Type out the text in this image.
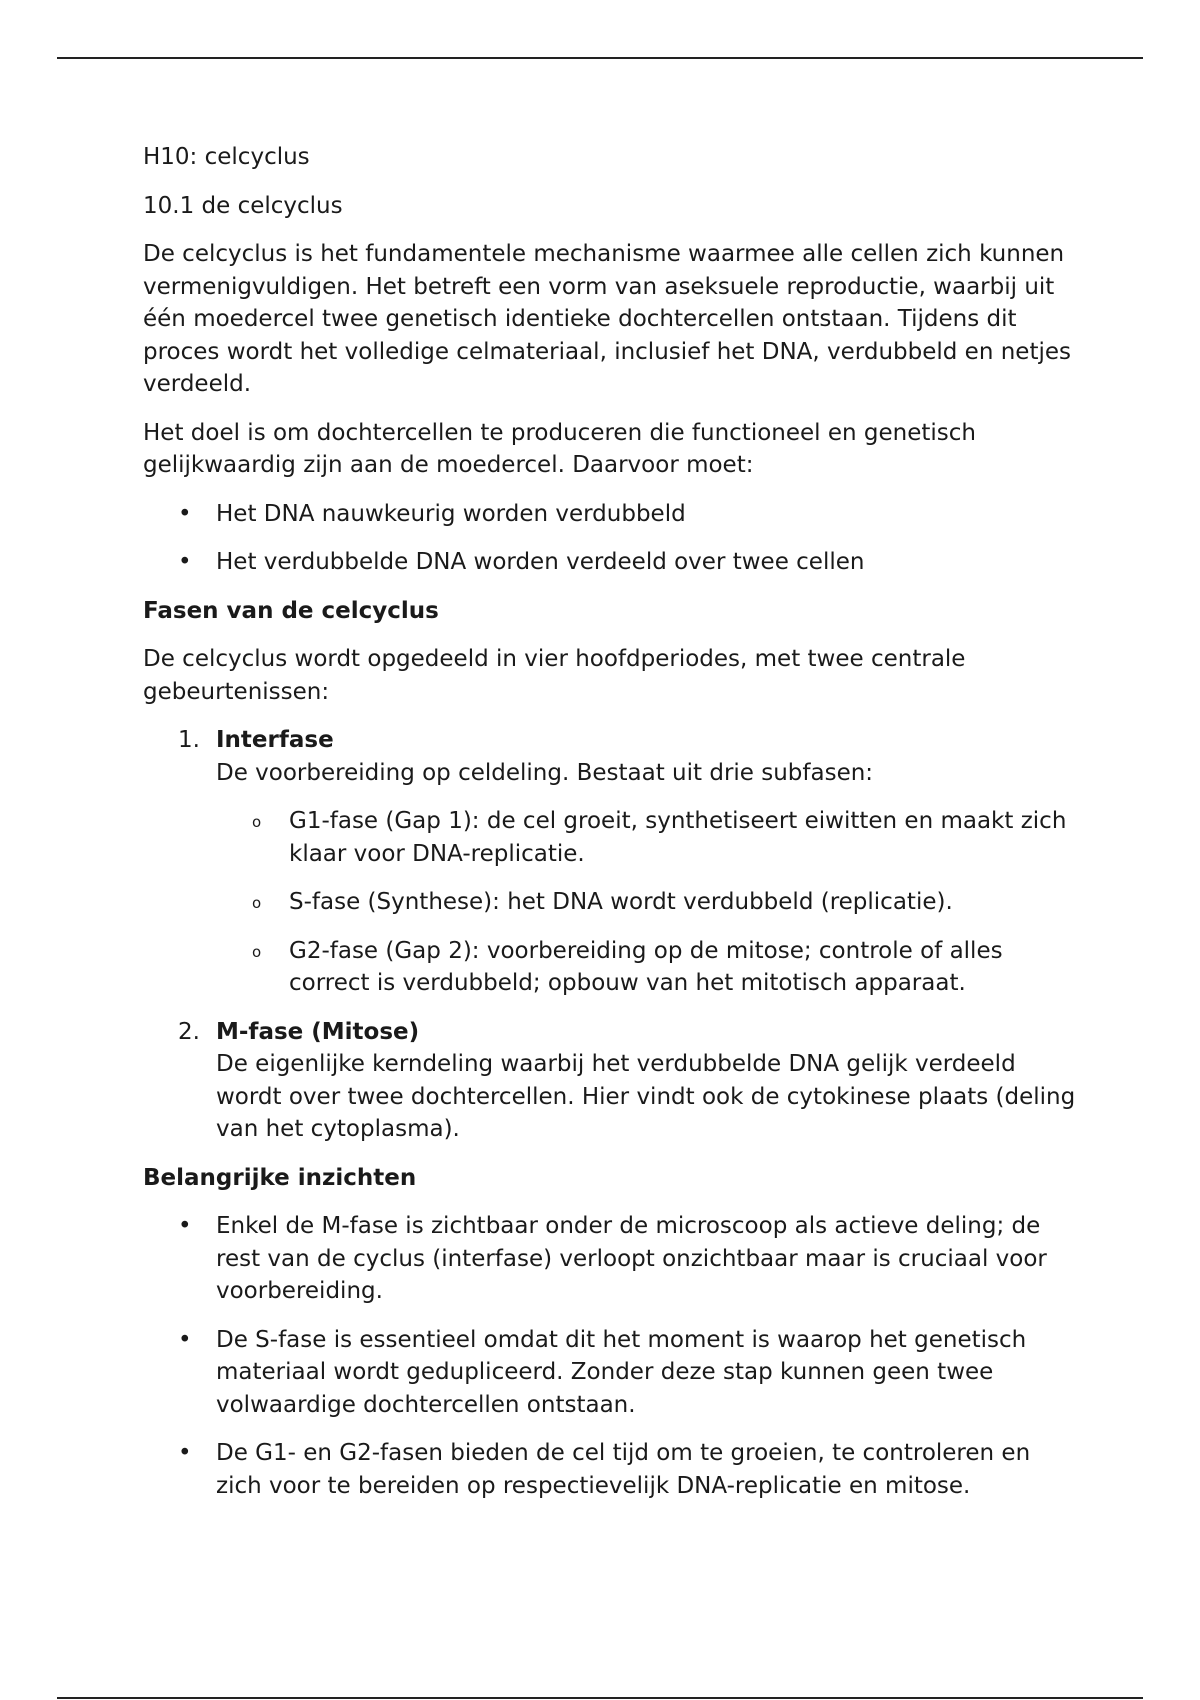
H10: celcyclus

10.1 de celcyclus

De celcyclus is het fundamentele mechanisme waarmee alle cellen zich kunnen vermenigvuldigen. Het betreft een vorm van aseksuele reproductie, waarbij uit één moedercel twee genetisch identieke dochtercellen ontstaan. Tijdens dit proces wordt het volledige celmateriaal, inclusief het DNA, verdubbeld en netjes verdeeld.

Het doel is om dochtercellen te produceren die functioneel en genetisch gelijkwaardig zijn aan de moedercel. Daarvoor moet:

• Het DNA nauwkeurig worden verdubbeld
• Het verdubbelde DNA worden verdeeld over twee cellen

Fasen van de celcyclus

De celcyclus wordt opgedeeld in vier hoofdperiodes, met twee centrale gebeurtenissen:

1. Interfase
De voorbereiding op celdeling. Bestaat uit drie subfasen:
o G1-fase (Gap 1): de cel groeit, synthetiseert eiwitten en maakt zich klaar voor DNA-replicatie.
o S-fase (Synthese): het DNA wordt verdubbeld (replicatie).
o G2-fase (Gap 2): voorbereiding op de mitose; controle of alles correct is verdubbeld; opbouw van het mitotisch apparaat.
2. M-fase (Mitose)
De eigenlijke kerndeling waarbij het verdubbelde DNA gelijk verdeeld wordt over twee dochtercellen. Hier vindt ook de cytokinese plaats (deling van het cytoplasma).

Belangrijke inzichten

• Enkel de M-fase is zichtbaar onder de microscoop als actieve deling; de rest van de cyclus (interfase) verloopt onzichtbaar maar is cruciaal voor voorbereiding.
• De S-fase is essentieel omdat dit het moment is waarop het genetisch materiaal wordt gedupliceerd. Zonder deze stap kunnen geen twee volwaardige dochtercellen ontstaan.
• De G1- en G2-fasen bieden de cel tijd om te groeien, te controleren en zich voor te bereiden op respectievelijk DNA-replicatie en mitose.
